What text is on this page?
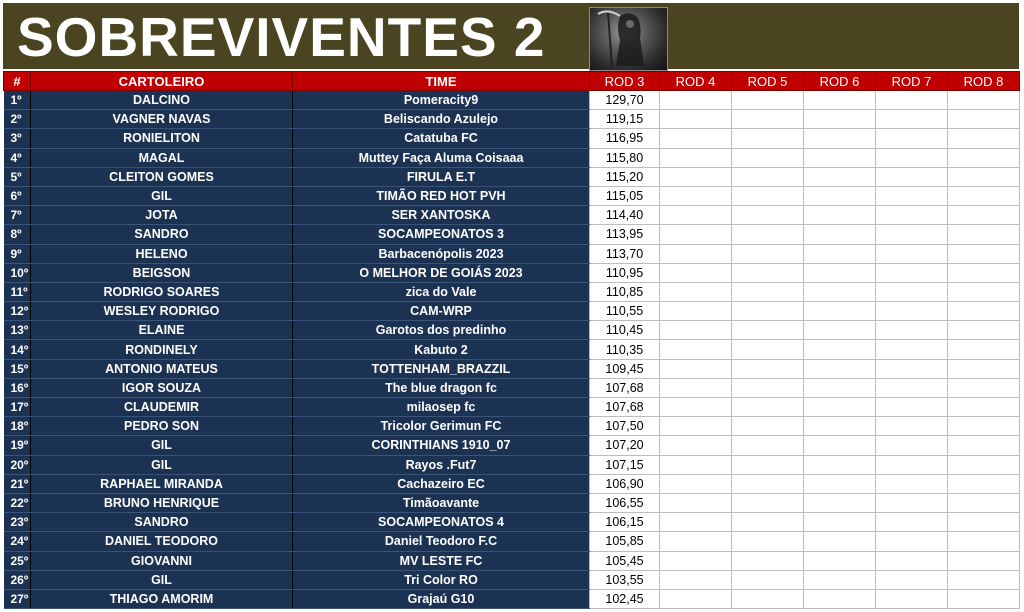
SOBREVIVENTES 2
#	CARTOLEIRO	TIME	ROD 3	ROD 4	ROD 5	ROD 6	ROD 7	ROD 8
1º	DALCINO	Pomeracity9	129,70					
2º	VAGNER NAVAS	Beliscando Azulejo	119,15					
3º	RONIELITON	Catatuba FC	116,95					
4º	MAGAL	Muttey Faça Aluma Coisaaa	115,80					
5º	CLEITON GOMES	FIRULA E.T	115,20					
6º	GIL	TIMÃO RED HOT PVH	115,05					
7º	JOTA	SER XANTOSKA	114,40					
8º	SANDRO	SOCAMPEONATOS 3	113,95					
9º	HELENO	Barbacenópolis 2023	113,70					
10º	BEIGSON	O MELHOR DE GOIÁS 2023	110,95					
11º	RODRIGO SOARES	zica do Vale	110,85					
12º	WESLEY RODRIGO	CAM-WRP	110,55					
13º	ELAINE	Garotos dos predinho	110,45					
14º	RONDINELY	Kabuto 2	110,35					
15º	ANTONIO MATEUS	TOTTENHAM_BRAZZIL	109,45					
16º	IGOR SOUZA	The blue dragon fc	107,68					
17º	CLAUDEMIR	milaosep fc	107,68					
18º	PEDRO SON	Tricolor Gerimun FC	107,50					
19º	GIL	CORINTHIANS 1910_07	107,20					
20º	GIL	Rayos .Fut7	107,15					
21º	RAPHAEL MIRANDA	Cachazeiro EC	106,90					
22º	BRUNO HENRIQUE	Timãoavante	106,55					
23º	SANDRO	SOCAMPEONATOS 4	106,15					
24º	DANIEL TEODORO	Daniel Teodoro F.C	105,85					
25º	GIOVANNI	MV LESTE FC	105,45					
26º	GIL	Tri Color RO	103,55					
27º	THIAGO AMORIM	Grajaú G10	102,45					
